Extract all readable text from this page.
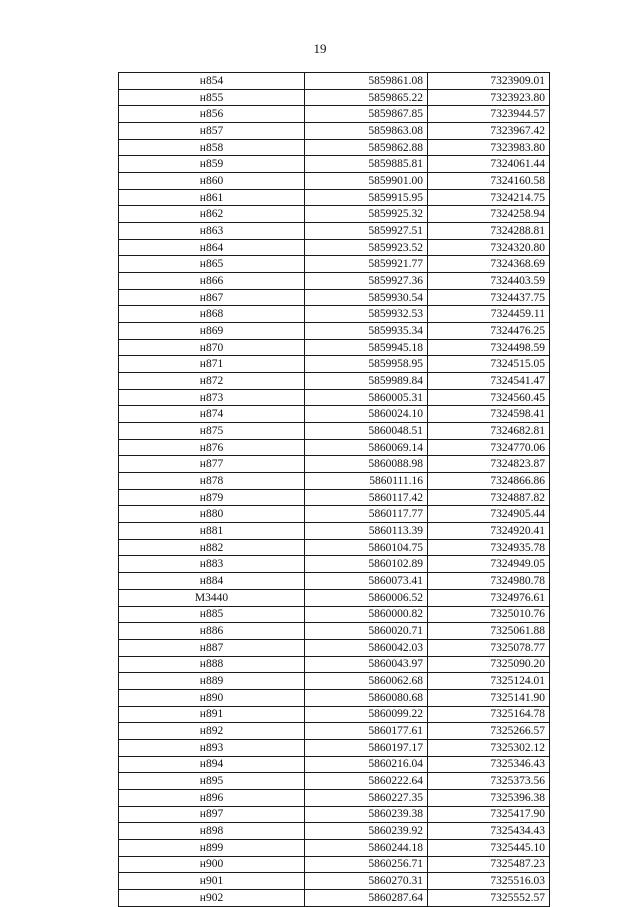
19
н854	5859861.08	7323909.01
н855	5859865.22	7323923.80
н856	5859867.85	7323944.57
н857	5859863.08	7323967.42
н858	5859862.88	7323983.80
н859	5859885.81	7324061.44
н860	5859901.00	7324160.58
н861	5859915.95	7324214.75
н862	5859925.32	7324258.94
н863	5859927.51	7324288.81
н864	5859923.52	7324320.80
н865	5859921.77	7324368.69
н866	5859927.36	7324403.59
н867	5859930.54	7324437.75
н868	5859932.53	7324459.11
н869	5859935.34	7324476.25
н870	5859945.18	7324498.59
н871	5859958.95	7324515.05
н872	5859989.84	7324541.47
н873	5860005.31	7324560.45
н874	5860024.10	7324598.41
н875	5860048.51	7324682.81
н876	5860069.14	7324770.06
н877	5860088.98	7324823.87
н878	5860111.16	7324866.86
н879	5860117.42	7324887.82
н880	5860117.77	7324905.44
н881	5860113.39	7324920.41
н882	5860104.75	7324935.78
н883	5860102.89	7324949.05
н884	5860073.41	7324980.78
М3440	5860006.52	7324976.61
н885	5860000.82	7325010.76
н886	5860020.71	7325061.88
н887	5860042.03	7325078.77
н888	5860043.97	7325090.20
н889	5860062.68	7325124.01
н890	5860080.68	7325141.90
н891	5860099.22	7325164.78
н892	5860177.61	7325266.57
н893	5860197.17	7325302.12
н894	5860216.04	7325346.43
н895	5860222.64	7325373.56
н896	5860227.35	7325396.38
н897	5860239.38	7325417.90
н898	5860239.92	7325434.43
н899	5860244.18	7325445.10
н900	5860256.71	7325487.23
н901	5860270.31	7325516.03
н902	5860287.64	7325552.57
